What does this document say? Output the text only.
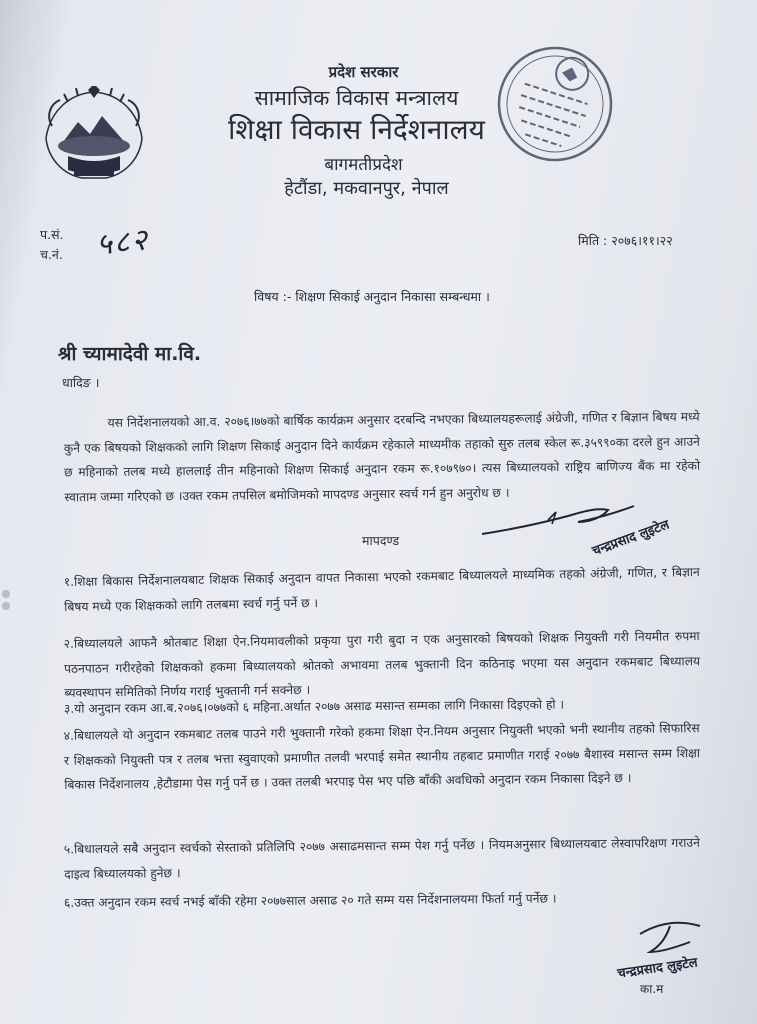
प्रदेश सरकार
सामाजिक विकास मन्त्रालय
शिक्षा विकास निर्देशनालय
बागमतीप्रदेश
हेटौंडा, मकवानपुर, नेपाल
प.सं.
च.नं. ५८२	मिति : २०७६।११।२२
विषय :- शिक्षण सिकाई अनुदान निकासा सम्बन्धमा ।
श्री च्यामादेवी मा.वि.
धादिङ ।
यस निर्देशनालयको आ.व. २०७६।७७को बार्षिक कार्यक्रम अनुसार दरबन्दि नभएका बिध्यालयहरूलाई अंग्रेजी, गणित र बिज्ञान बिषय मध्ये कुनै एक बिषयको शिक्षकको लागि शिक्षण सिकाई अनुदान दिने कार्यक्रम रहेकाले माध्यमीक तहाको सुरु तलब स्केल रू.३५९९०का दरले हुन आउने छ महिनाको तलब मध्ये हाललाई तीन महिनाको शिक्षण सिकाई अनुदान रकम रू.१०७९७०। त्यस बिध्यालयको राष्ट्रिय बाणिज्य बैंक मा रहेको स्वाताम जम्मा गरिएको छ ।उक्त रकम तपसिल बमोजिमको मापदण्ड अनुसार स्वर्च गर्न हुन अनुरोध छ ।
चन्द्रप्रसाद लुइटेल
मापदण्ड
१.शिक्षा बिकास निर्देशनालयबाट शिक्षक सिकाई अनुदान वापत निकासा भएको रकमबाट बिध्यालयले माध्यमिक तहको अंग्रेजी, गणित, र बिज्ञान बिषय मध्ये एक शिक्षकको लागि तलबमा स्वर्च गर्नु पर्ने छ ।
२.बिध्यालयले आफनै श्रोतबाट शिक्षा ऐन.नियमावलीको प्रकृया पुरा गरी बुदा न एक अनुसारको बिषयको शिक्षक नियुक्ती गरी नियमीत रुपमा पठनपाठन गरीरहेको शिक्षकको हकमा बिध्यालयको श्रोतको अभावमा तलब भुक्तानी दिन कठिनाइ भएमा यस अनुदान रकमबाट बिध्यालय ब्यवस्थापन समितिको निर्णय गराई भुक्तानी गर्न सक्नेछ ।
३.यो अनुदान रकम आ.ब.२०७६।०७७को ६ महिना.अर्थात २०७७ असाढ मसान्त सम्मका लागि निकासा दिइएको हो ।
४.बिधालयले यो अनुदान रकमबाट तलब पाउने गरी भुक्तानी गरेको हकमा शिक्षा ऐन.नियम अनुसार नियुक्ती भएको भनी स्थानीय तहको सिफारिस र शिक्षकको नियुक्ती पत्र र तलब भत्ता स्वुवाएको प्रमाणीत तलवी भरपाई समेत स्थानीय तहबाट प्रमाणीत गराई २०७७ बैशास्व मसान्त सम्म शिक्षा बिकास निर्देशनालय ,हेटौडामा पेस गर्नु पर्ने छ । उक्त तलबी भरपाइ पेस भए पछि बाँकी अवधिको अनुदान रकम निकासा दिइने छ ।
५.बिधालयले सबै अनुदान स्वर्चको सेस्ताको प्रतिलिपि २०७७ असाढमसान्त सम्म पेश गर्नु पर्नेछ । नियमअनुसार बिध्यालयबाट लेस्वापरिक्षण गराउने दाइत्व बिध्यालयको हुनेछ ।
६.उक्त अनुदान रकम स्वर्च नभई बाँकी रहेमा २०७७साल असाढ २० गते सम्म यस निर्देशनालयमा फिर्ता गर्नु पर्नेछ ।
चन्द्रप्रसाद लुइटेल
का.म
